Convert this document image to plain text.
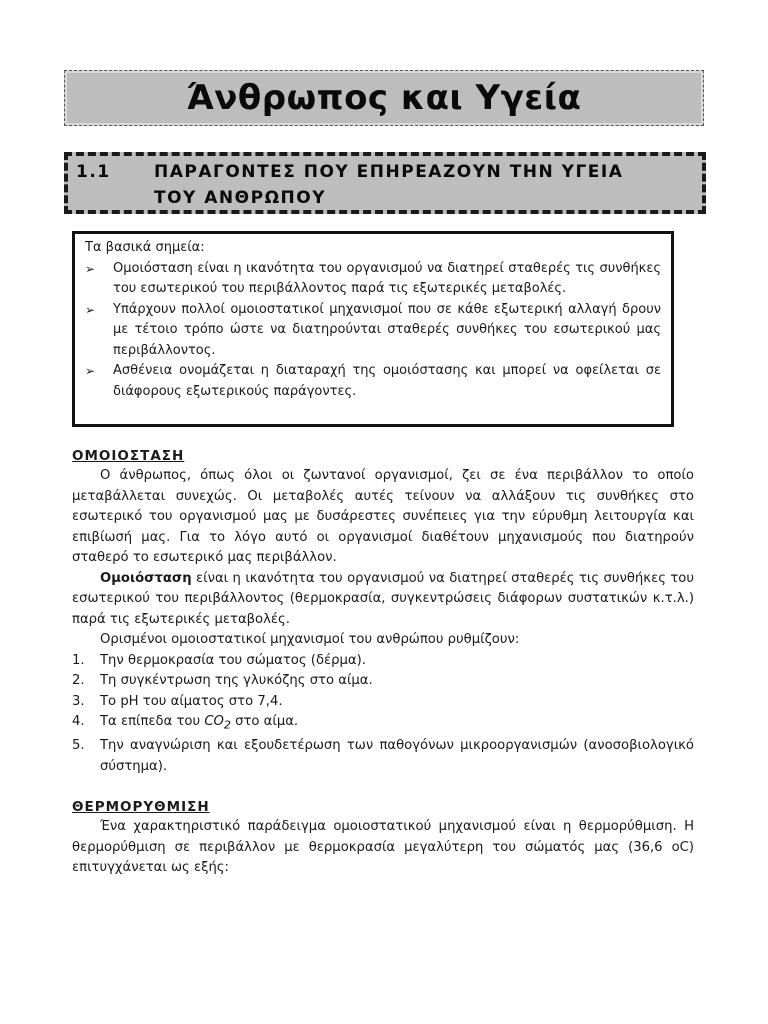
Άνθρωπος και Υγεία
1.1	ΠΑΡΑΓΟΝΤΕΣ ΠΟΥ ΕΠΗΡΕΑΖΟΥΝ ΤΗΝ ΥΓΕΙΑ
ΤΟΥ ΑΝΘΡΩΠΟΥ
Τα βασικά σημεία:
➢ Ομοιόσταση είναι η ικανότητα του οργανισμού να διατηρεί σταθερές τις συνθήκες του εσωτερικού του περιβάλλοντος παρά τις εξωτερικές μεταβολές.
➢ Υπάρχουν πολλοί ομοιοστατικοί μηχανισμοί που σε κάθε εξωτερική αλλαγή δρουν με τέτοιο τρόπο ώστε να διατηρούνται σταθερές συνθήκες του εσωτερικού μας περιβάλλοντος.
➢ Ασθένεια ονομάζεται η διαταραχή της ομοιόστασης και μπορεί να οφείλεται σε διάφορους εξωτερικούς παράγοντες.
ΟΜΟΙΟΣΤΑΣΗ

Ο άνθρωπος, όπως όλοι οι ζωντανοί οργανισμοί, ζει σε ένα περιβάλλον το οποίο μεταβάλλεται συνεχώς. Οι μεταβολές αυτές τείνουν να αλλάξουν τις συνθήκες στο εσωτερικό του οργανισμού μας με δυσάρεστες συνέπειες για την εύρυθμη λειτουργία και επιβίωσή μας. Για το λόγο αυτό οι οργανισμοί διαθέτουν μηχανισμούς που διατηρούν σταθερό το εσωτερικό μας περιβάλλον.

Ομοιόσταση είναι η ικανότητα του οργανισμού να διατηρεί σταθερές τις συνθήκες του εσωτερικού του περιβάλλοντος (θερμοκρασία, συγκεντρώσεις διάφορων συστατικών κ.τ.λ.) παρά τις εξωτερικές μεταβολές.

Ορισμένοι ομοιοστατικοί μηχανισμοί του ανθρώπου ρυθμίζουν:

1. Την θερμοκρασία του σώματος (δέρμα).
2. Τη συγκέντρωση της γλυκόζης στο αίμα.
3. Το pH του αίματος στο 7,4.
4. Τα επίπεδα του $CO_2$ στο αίμα.
5. Την αναγνώριση και εξουδετέρωση των παθογόνων μικροοργανισμών (ανοσοβιολογικό σύστημα).
ΘΕΡΜΟΡΥΘΜΙΣΗ

Ένα χαρακτηριστικό παράδειγμα ομοιοστατικού μηχανισμού είναι η θερμορύθμιση. Η θερμορύθμιση σε περιβάλλον με θερμοκρασία μεγαλύτερη του σώματός μας (36,6 oC) επιτυγχάνεται ως εξής:
